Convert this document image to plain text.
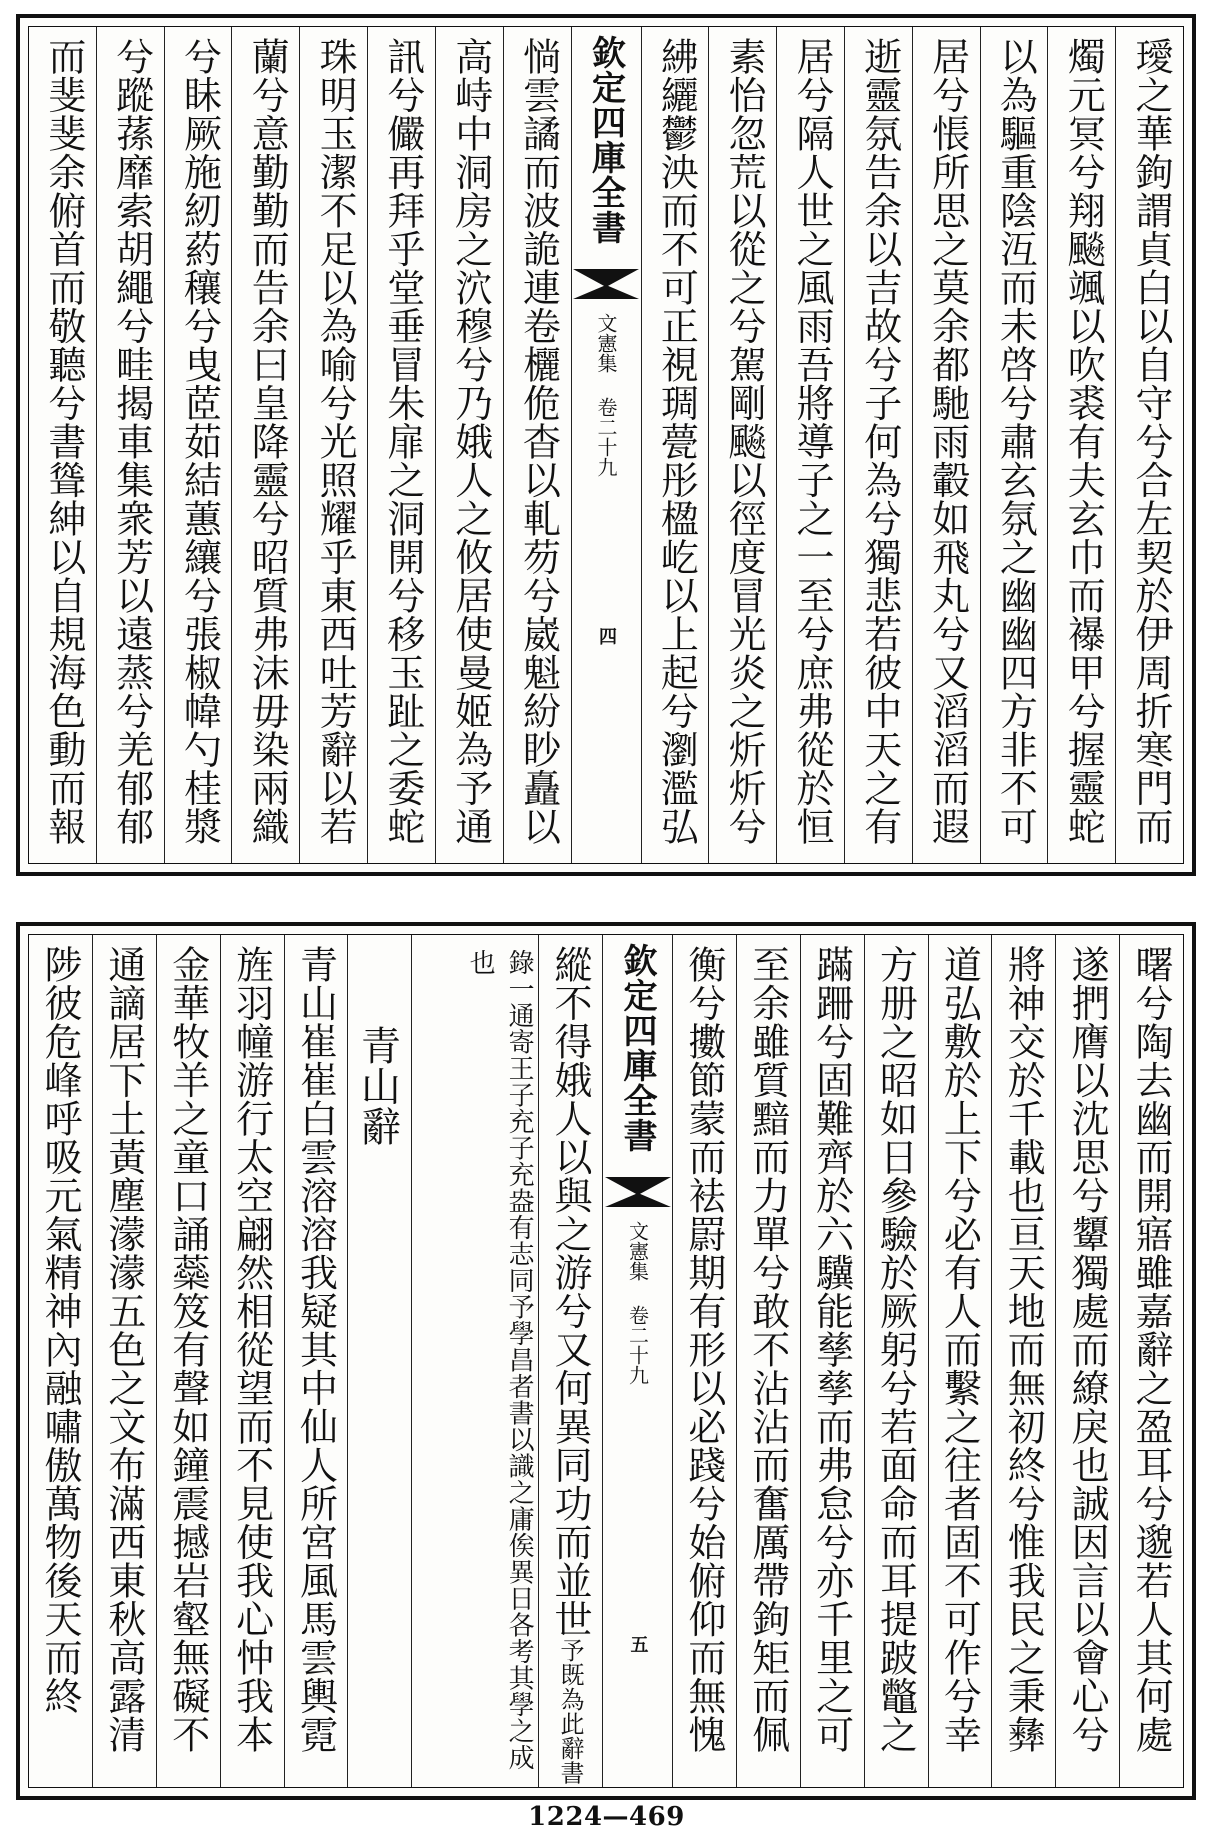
璦之華鉤謂貞白以自守兮合左契於伊周折寒門而
燭元冥兮翔飈颯以吹裘有夫玄巾而襮甲兮握靈蛇
以為驅重陰沍而未啓兮肅玄氛之幽幽四方非不可
居兮悵所思之莫余都馳雨轂如飛丸兮又滔滔而遐
逝靈氛告余以吉故兮子何為兮獨悲若彼中天之有
居兮隔人世之風雨吾將導子之一至兮庶弗從於恒
素怡忽荒以從之兮駕剛飈以徑度冒光炎之炘炘兮
紼纚鬱泱而不可正視琱甍彤楹屹以上起兮瀏濫弘
欽定四庫全書
文憲集 卷二十九
四
惝雲譎而波詭連卷欐佹杳以軋芴兮崴魁紛眇矗以
高峙中洞房之泬穆兮乃娥人之攸居使曼姬為予通
訊兮儼再拜乎堂垂冒朱扉之洞開兮移玉趾之委蛇
珠明玉潔不足以為喻兮光照耀乎東西吐芳辭以若
蘭兮意勤勤而告余曰皇降靈兮昭質弗沫毋染兩織
兮眛厥施紉葯穰兮曳茝茹結蕙纕兮張椒幃勺桂漿
兮蹤蓀靡索胡繩兮畦揭車集衆芳以遠蒸兮羌郁郁
而斐斐余俯首而敬聽兮書聳紳以自規海色動而報
曙兮陶去幽而開寤雖嘉辭之盈耳兮邈若人其何處
遂捫膺以沈思兮顰獨處而繚戾也誠因言以會心兮
將神交於千載也亘天地而無初終兮惟我民之秉彝
道弘敷於上下兮必有人而繫之往者固不可作兮幸
方册之昭如日參驗於厥躬兮若面命而耳提跛鼈之
蹣跚兮固難齊於六驥能孳孳而弗怠兮亦千里之可
至余雖質黯而力單兮敢不沾沾而奮厲帶鉤矩而佩
衡兮擻節蒙而袪罻期有形以必踐兮始俯仰而無愧
欽定四庫全書
文憲集 卷二十九
五
縱不得娥人以與之游兮又何異同功而並世予既為此辭書
錄一通寄王子充子充盎有志同予學昌者書以識之庸俟異日各考其學之成也
青山辭
青山崔崔白雲溶溶我疑其中仙人所宮風馬雲輿霓
旌羽幢游行太空翩然相從望而不見使我心忡我本
金華牧羊之童口誦蘂笈有聲如鐘震撼岩壑無礙不
通謫居下土黃塵濛濛五色之文布滿西東秋高露清
陟彼危峰呼吸元氣精神內融嘯傲萬物後天而終
1224—469
